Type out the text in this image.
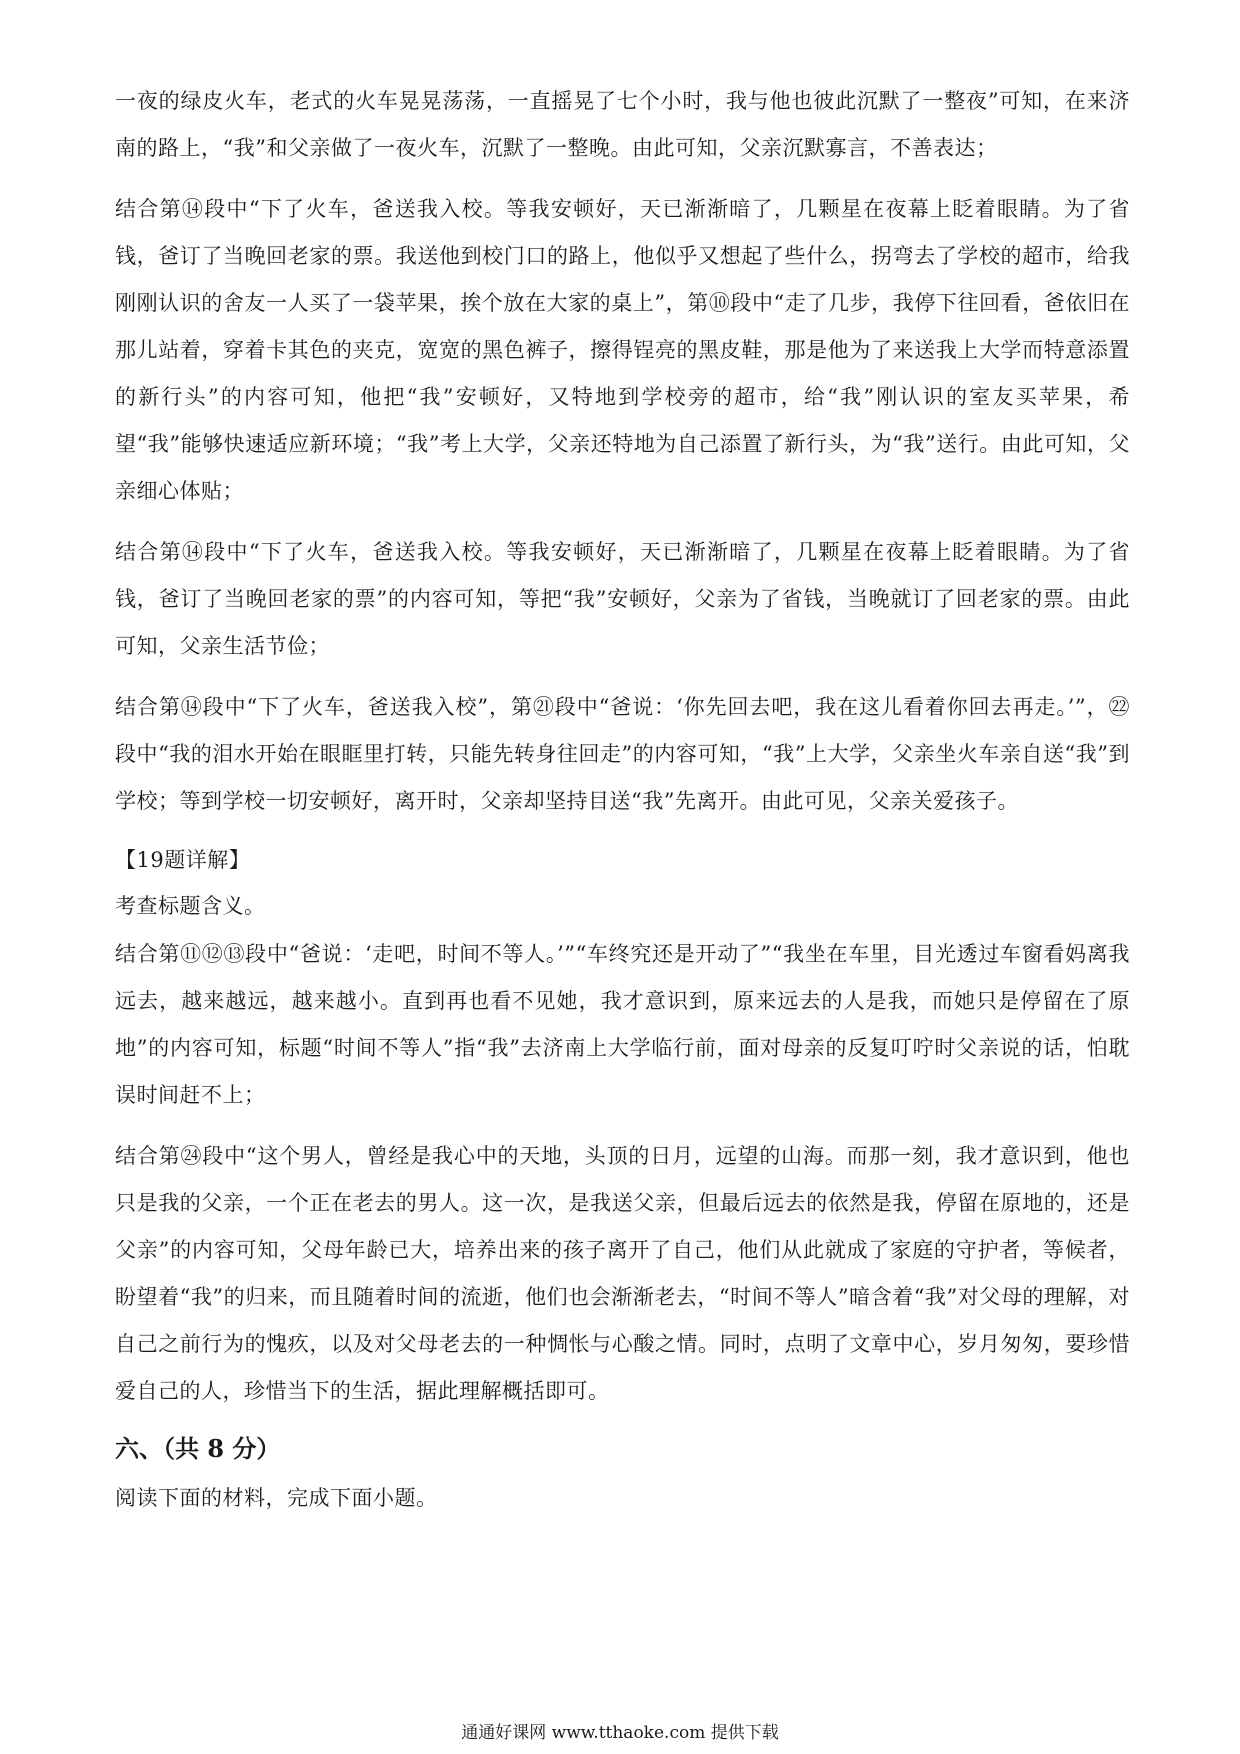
一夜的绿皮火车，老式的火车晃晃荡荡，一直摇晃了七个小时，我与他也彼此沉默了一整夜”可知，在来济南的路上，“我”和父亲做了一夜火车，沉默了一整晚。由此可知，父亲沉默寡言，不善表达；

结合第⑭段中“下了火车，爸送我入校。等我安顿好，天已渐渐暗了，几颗星在夜幕上眨着眼睛。为了省钱，爸订了当晚回老家的票。我送他到校门口的路上，他似乎又想起了些什么，拐弯去了学校的超市，给我刚刚认识的舍友一人买了一袋苹果，挨个放在大家的桌上”，第⑩段中“走了几步，我停下往回看，爸依旧在那儿站着，穿着卡其色的夹克，宽宽的黑色裤子，擦得锃亮的黑皮鞋，那是他为了来送我上大学而特意添置的新行头”的内容可知，他把“我”安顿好，又特地到学校旁的超市，给“我”刚认识的室友买苹果，希望“我”能够快速适应新环境；“我”考上大学，父亲还特地为自己添置了新行头，为“我”送行。由此可知，父亲细心体贴；

结合第⑭段中“下了火车，爸送我入校。等我安顿好，天已渐渐暗了，几颗星在夜幕上眨着眼睛。为了省钱，爸订了当晚回老家的票”的内容可知，等把“我”安顿好，父亲为了省钱，当晚就订了回老家的票。由此可知，父亲生活节俭；

结合第⑭段中“下了火车，爸送我入校”，第㉑段中“爸说：‘你先回去吧，我在这儿看着你回去再走。’”，㉒段中“我的泪水开始在眼眶里打转，只能先转身往回走”的内容可知，“我”上大学，父亲坐火车亲自送“我”到学校；等到学校一切安顿好，离开时，父亲却坚持目送“我”先离开。由此可见，父亲关爱孩子。

【19题详解】

考查标题含义。

结合第⑪⑫⑬段中“爸说：‘走吧，时间不等人。’”“车终究还是开动了”“我坐在车里，目光透过车窗看妈离我远去，越来越远，越来越小。直到再也看不见她，我才意识到，原来远去的人是我，而她只是停留在了原地”的内容可知，标题“时间不等人”指“我”去济南上大学临行前，面对母亲的反复叮咛时父亲说的话，怕耽误时间赶不上；

结合第㉔段中“这个男人，曾经是我心中的天地，头顶的日月，远望的山海。而那一刻，我才意识到，他也只是我的父亲，一个正在老去的男人。这一次，是我送父亲，但最后远去的依然是我，停留在原地的，还是父亲”的内容可知，父母年龄已大，培养出来的孩子离开了自己，他们从此就成了家庭的守护者，等候者，盼望着“我”的归来，而且随着时间的流逝，他们也会渐渐老去，“时间不等人”暗含着“我”对父母的理解，对自己之前行为的愧疚，以及对父母老去的一种惆怅与心酸之情。同时，点明了文章中心，岁月匆匆，要珍惜爱自己的人，珍惜当下的生活，据此理解概括即可。

六、（共 8 分）

阅读下面的材料，完成下面小题。

通通好课网 www.tthaoke.com 提供下载
